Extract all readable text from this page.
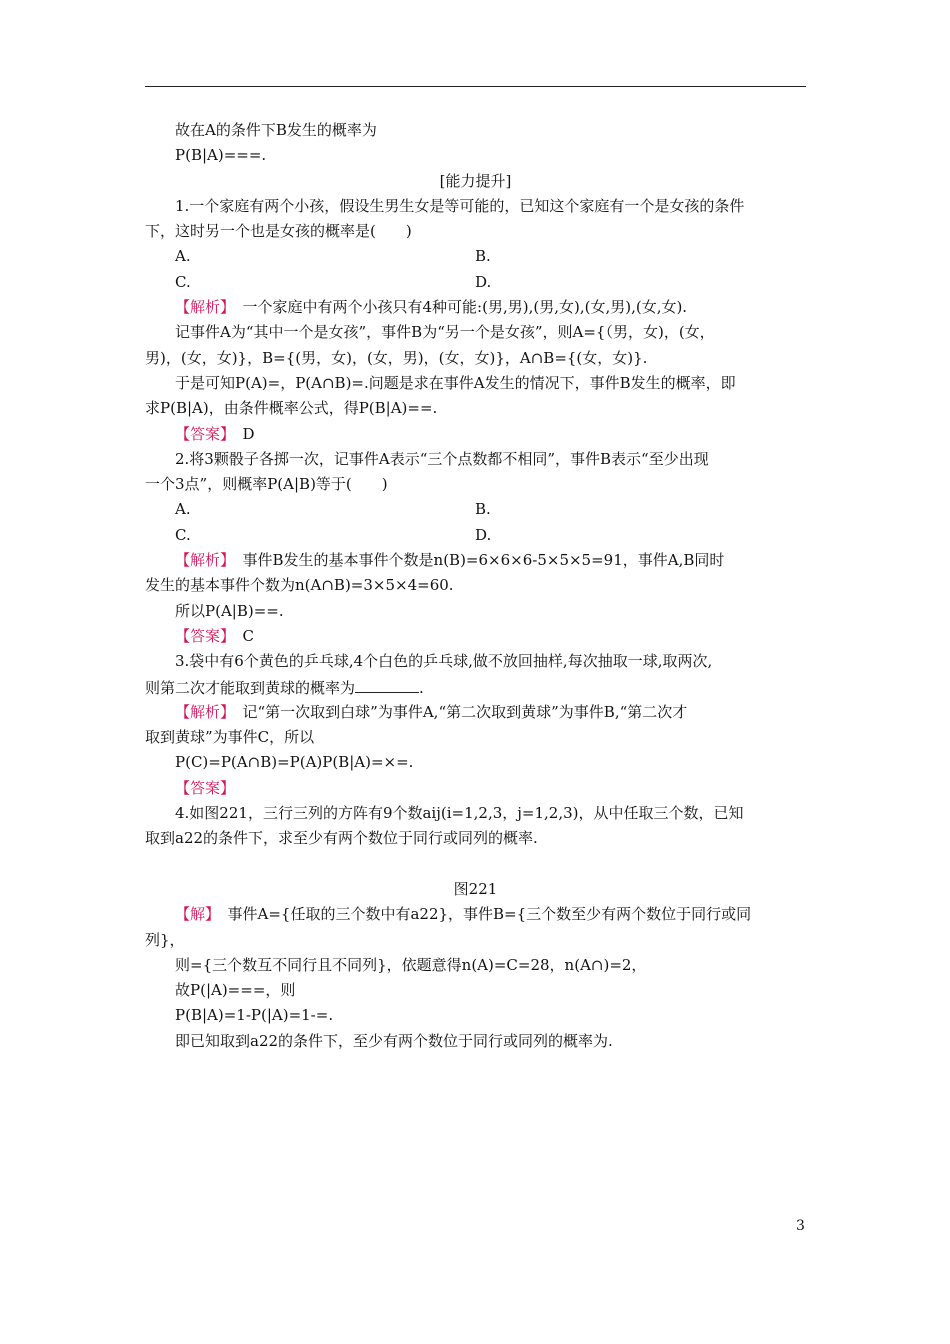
故在A的条件下B发生的概率为
P(B|A)===.
[能力提升]
1.一个家庭有两个小孩，假设生男生女是等可能的，已知这个家庭有一个是女孩的条件
下，这时另一个也是女孩的概率是(　　)
A.	B.
C.	D.
【解析】　一个家庭中有两个小孩只有4种可能:(男,男),(男,女),(女,男),(女,女).
记事件A为“其中一个是女孩”，事件B为“另一个是女孩”，则A={（男，女)，(女，
男)，(女，女)}，B={(男，女)，(女，男)，(女，女)}，A∩B={(女，女)}.
于是可知P(A)=，P(A∩B)=.问题是求在事件A发生的情况下，事件B发生的概率，即
求P(B|A)，由条件概率公式，得P(B|A)==.
【答案】　D
2.将3颗骰子各掷一次，记事件A表示“三个点数都不相同”，事件B表示“至少出现
一个3点”，则概率P(A|B)等于(　　)
A.	B.
C.	D.
【解析】　事件B发生的基本事件个数是n(B)=6×6×6-5×5×5=91，事件A,B同时
发生的基本事件个数为n(A∩B)=3×5×4=60.
所以P(A|B)==.
【答案】　C
3.袋中有6个黄色的乒乓球,4个白色的乒乓球,做不放回抽样,每次抽取一球,取两次,
则第二次才能取到黄球的概率为	.
【解析】　记“第一次取到白球”为事件A,“第二次取到黄球”为事件B,“第二次才
取到黄球”为事件C，所以
P(C)=P(A∩B)=P(A)P(B|A)=×=.
【答案】
4.如图221，三行三列的方阵有9个数aij(i=1,2,3，j=1,2,3)，从中任取三个数，已知
取到a22的条件下，求至少有两个数位于同行或同列的概率.
图221
【解】　事件A={任取的三个数中有a22}，事件B={三个数至少有两个数位于同行或同
列}，
则={三个数互不同行且不同列}，依题意得n(A)=C=28，n(A∩)=2，
故P(|A)===，则
P(B|A)=1-P(|A)=1-=.
即已知取到a22的条件下，至少有两个数位于同行或同列的概率为.
3
